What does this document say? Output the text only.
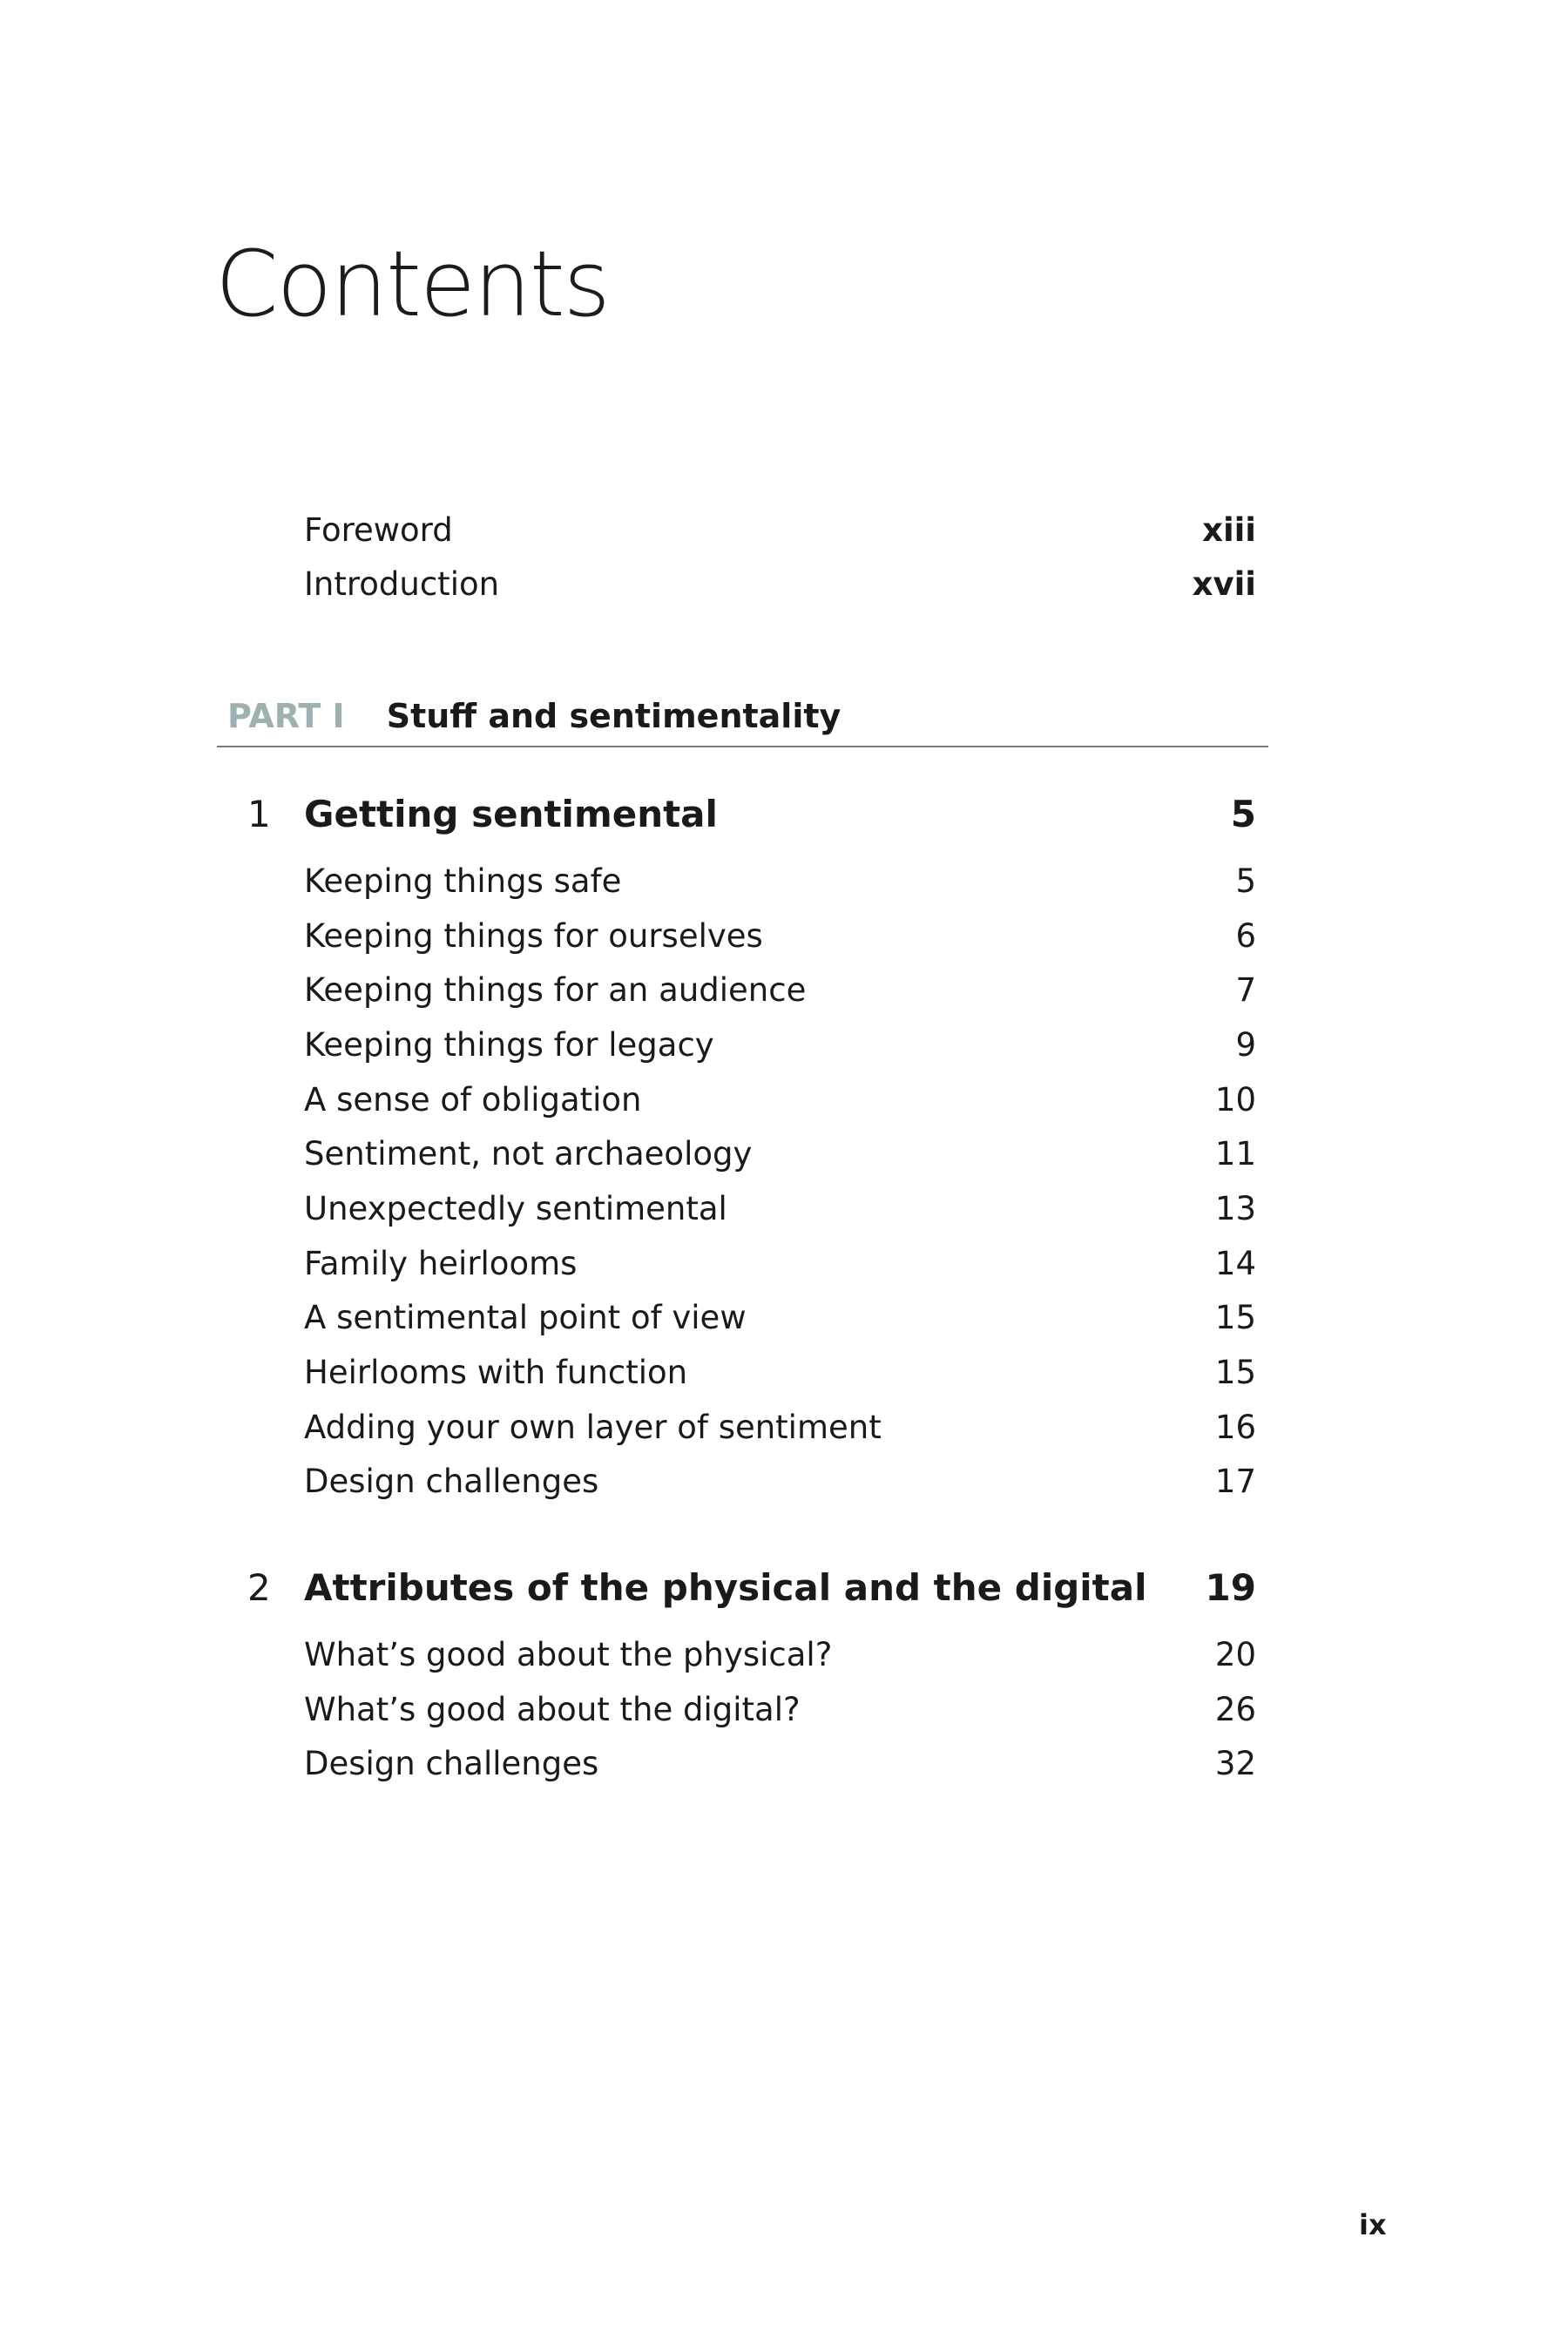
Contents
Foreword	xiii
Introduction	xvii
PART I Stuff and sentimentality
1 Getting sentimental	5
Keeping things safe	5
Keeping things for ourselves	6
Keeping things for an audience	7
Keeping things for legacy	9
A sense of obligation	10
Sentiment, not archaeology	11
Unexpectedly sentimental	13
Family heirlooms	14
A sentimental point of view	15
Heirlooms with function	15
Adding your own layer of sentiment	16
Design challenges	17
2 Attributes of the physical and the digital	19
What’s good about the physical?	20
What’s good about the digital?	26
Design challenges	32
ix
